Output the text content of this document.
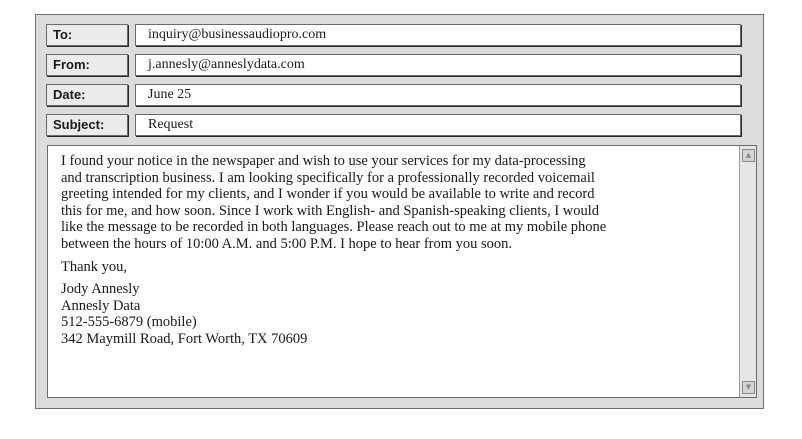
To:	inquiry@businessaudiopro.com
From:	j.annesly@anneslydata.com
Date:	June 25
Subject:	Request
I found your notice in the newspaper and wish to use your services for my data-processing
and transcription business. I am looking specifically for a professionally recorded voicemail
greeting intended for my clients, and I wonder if you would be available to write and record
this for me, and how soon. Since I work with English- and Spanish-speaking clients, I would
like the message to be recorded in both languages. Please reach out to me at my mobile phone
between the hours of 10:00 A.M. and 5:00 P.M. I hope to hear from you soon.
Thank you,
Jody Annesly
Annesly Data
512-555-6879 (mobile)
342 Maymill Road, Fort Worth, TX 70609
▲
▼
